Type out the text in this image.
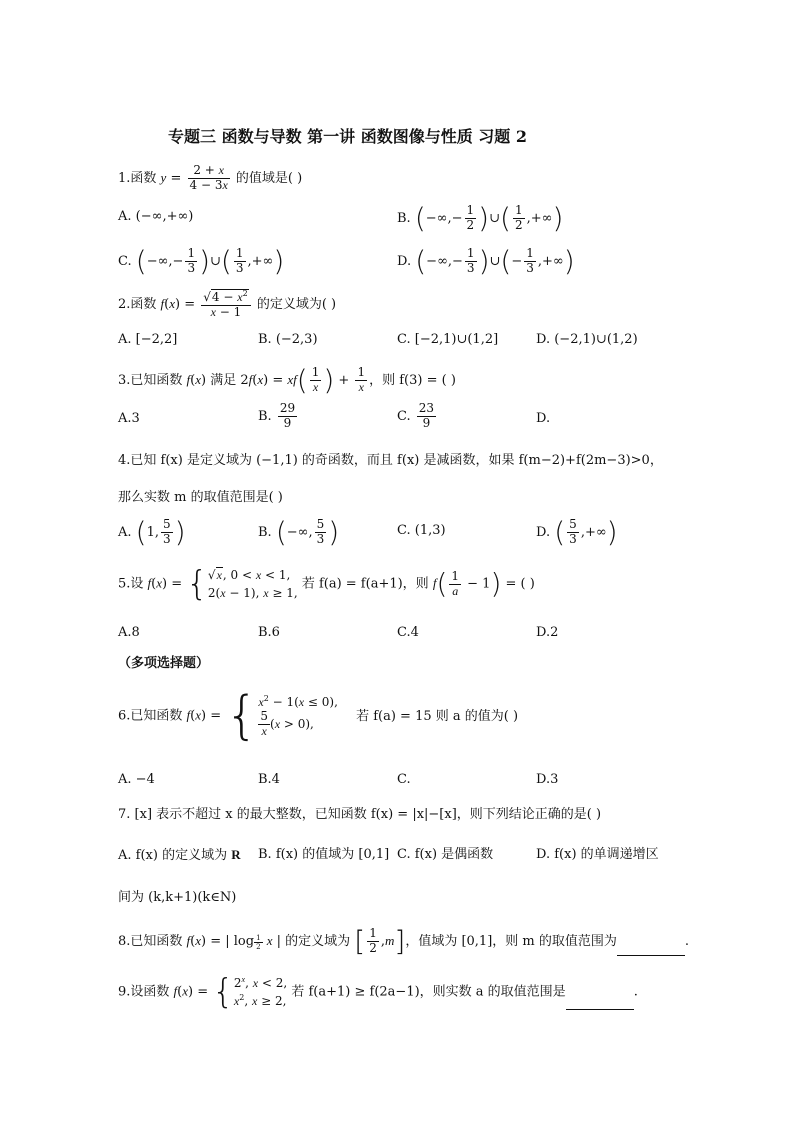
专题三 函数与导数 第一讲 函数图像与性质 习题 2
1.函数 $y = \frac{2 + x}{4 - 3x}$ 的值域是( )
A. (−∞,+∞)	B. (−∞,− $\frac{1}{2}$ )∪( $\frac{1}{2}$ ,+∞)
C. (−∞,− $\frac{1}{3}$ )∪( $\frac{1}{3}$ ,+∞)	D. (−∞,− $\frac{1}{3}$ )∪(− $\frac{1}{3}$ ,+∞)
2.函数 $f(x) = \frac{√4 - x^2}{x - 1}$ 的定义域为( )
A. [−2,2]	B. (−2,3)	C. [−2,1)∪(1,2]	D. (−2,1)∪(1,2)
3.已知函数 f(x) 满足 $2f(x) = xf( \frac{1}{x}$ ) + $\frac{1}{x}$ ，则 f(3) = ( )
A.3	B. $\frac{29}{9}$	C. $\frac{23}{9}$	D.
4.已知 f(x) 是定义域为 (−1,1) 的奇函数，而且 f(x) 是减函数，如果 f(m−2)+f(2m−3)>0，
那么实数 m 的取值范围是( )
A. (1, $\frac{5}{3}$ )	B. (−∞, $\frac{5}{3}$ )	C. (1,3)	D. ( $\frac{5}{3}$ ,+∞)
5.设 f(x) = {√x, 0 < x < 1,
2(x − 1), x ≥ 1, 若 f(a) = f(a+1)，则 $f( \frac{1}{a} - 1)$ = ( )
A.8	B.6	C.4	D.2
（多项选择题）
6.已知函数 $f(x) = \{x^2 - 1(x \le 0)$,

$\frac{5}{x} (x > 0)$, 若 f(a) = 15 则 a 的值为( )
A. −4	B.4	C.	D.3
7. [x] 表示不超过 x 的最大整数，已知函数 f(x) = |x|−[x]，则下列结论正确的是( )
A. f(x) 的定义域为 R B. f(x) 的值域为 [0,1] C. f(x) 是偶函数	D. f(x) 的单调递增区
间为 (k,k+1)(k∈N)
8.已知函数 f(x) = | $\log \frac{1}{2}$ x | 的定义域为 [ $\frac{1}{2} ,m$]，值域为 [0,1]，则 m 的取值范围为	.
9.设函数 $f(x) = \{2^x$, x < 2,
$x^2$, x ≥ 2, 若 f(a+1) ≥ f(2a−1)，则实数 a 的取值范围是	.
